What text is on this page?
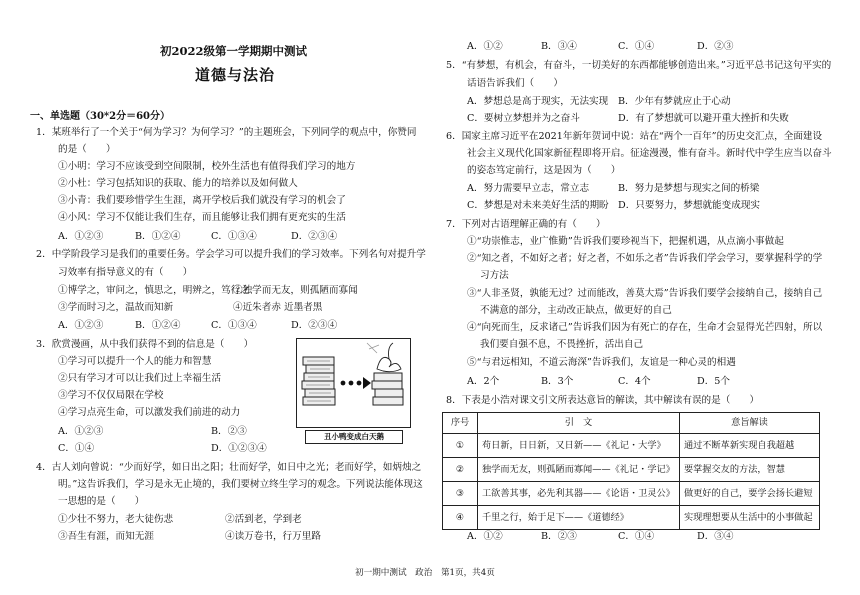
初2022级第一学期期中测试
道德与法治
一、单选题（30*2分＝60分）
1．某班举行了一个关于“何为学习？为何学习？”的主题班会，下列同学的观点中，你赞同
的是（　　）
①小明：学习不应该受到空间限制，校外生活也有值得我们学习的地方
②小杜：学习包括知识的获取、能力的培养以及如何做人
③小青：我们要珍惜学生生涯，离开学校后我们就没有学习的机会了
④小风：学习不仅能让我们生存，而且能够让我们拥有更充实的生活
A．①②③	B．①②④	C．①③④	D．②③④
2．中学阶段学习是我们的重要任务。学会学习可以提升我们的学习效率。下列名句对提升学
习效率有指导意义的有（　　）
①博学之，审问之，慎思之，明辨之，笃行之
②独学而无友，则孤陋而寡闻
③学而时习之，温故而知新	④近朱者赤 近墨者黑
A．①②③	B．①②④	C．①③④	D．②③④
3．欣赏漫画，从中我们获得不到的信息是（　　）
①学习可以提升一个人的能力和智慧
②只有学习才可以让我们过上幸福生活
③学习不仅仅局限在学校
④学习点亮生命，可以激发我们前进的动力
A．①②③	B．②③
C．①④	D．①②③④
丑小鸭变成白天鹅
4．古人刘向曾说：“少而好学，如日出之阳；壮而好学，如日中之光；老而好学，如炳烛之
明。”这告诉我们，学习是永无止境的，我们要树立终生学习的观念。下列说法能体现这
一思想的是（　　）
①少壮不努力，老大徒伤悲	②活到老，学到老
③吾生有涯，而知无涯	④读万卷书，行万里路
A．①②	B．③④	C．①④	D．②③
5．“有梦想，有机会，有奋斗，一切美好的东西都能够创造出来。”习近平总书记这句平实的
话语告诉我们（　　）
A．梦想总是高于现实，无法实现 B．少年有梦就应止于心动
C．要树立梦想并为之奋斗	D．有了梦想就可以避开重大挫折和失败
6．国家主席习近平在2021年新年贺词中说：站在“两个一百年”的历史交汇点，全面建设
社会主义现代化国家新征程即将开启。征途漫漫，惟有奋斗。新时代中学生应当以奋斗
的姿态笃定前行，这是因为（　　）
A．努力需要早立志，常立志	B．努力是梦想与现实之间的桥梁
C．梦想是对未来美好生活的期盼 D．只要努力，梦想就能变成现实
7．下列对古语理解正确的有（　　）
①“功崇惟志，业广惟勤”告诉我们要珍视当下，把握机遇，从点滴小事做起
②“知之者，不如好之者；好之者，不如乐之者”告诉我们学会学习，要掌握科学的学
习方法
③“人非圣贤，孰能无过？过而能改，善莫大焉”告诉我们要学会接纳自己，接纳自己
不满意的部分，主动改正缺点，做更好的自己
④“向死而生，反求诸己”告诉我们因为有死亡的存在，生命才会显得光芒四射，所以
我们要自强不息，不畏挫折，活出自己
⑤“与君远相知，不道云海深”告诉我们，友谊是一种心灵的相遇
A．2个	B．3个	C．4个	D．5个
8．下表是小浩对课文引文所表达意旨的解读，其中解读有误的是（　　）
序号	引　文	意旨解读
①	苟日新，日日新，又日新——《礼记・大学》	通过不断革新实现自我超越
②	独学而无友，则孤陋而寡闻——《礼记・学记》	要掌握交友的方法，智慧
③	工欲善其事，必先利其器——《论语・卫灵公》	做更好的自己，要学会扬长避短
④	千里之行，始于足下——《道德经》	实现理想要从生活中的小事做起
A．①②	B．②③	C．①④	D．③④
初一期中测试　政治　第1页，共4页
